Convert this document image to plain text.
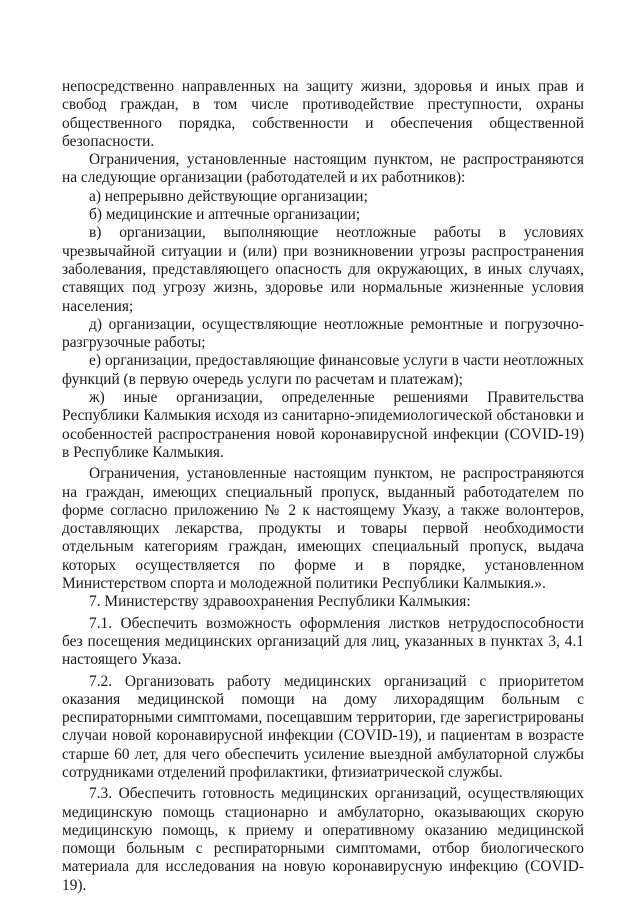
непосредственно направленных на защиту жизни, здоровья и иных прав и свобод граждан, в том числе противодействие преступности, охраны общественного порядка, собственности и обеспечения общественной безопасности.

Ограничения, установленные настоящим пунктом, не распространяются на следующие организации (работодателей и их работников):

а) непрерывно действующие организации;

б) медицинские и аптечные организации;

в) организации, выполняющие неотложные работы в условиях чрезвычайной ситуации и (или) при возникновении угрозы распространения заболевания, представляющего опасность для окружающих, в иных случаях, ставящих под угрозу жизнь, здоровье или нормальные жизненные условия населения;

д) организации, осуществляющие неотложные ремонтные и погрузочно-разгрузочные работы;

е) организации, предоставляющие финансовые услуги в части неотложных функций (в первую очередь услуги по расчетам и платежам);

ж) иные организации, определенные решениями Правительства Республики Калмыкия исходя из санитарно-эпидемиологической обстановки и особенностей распространения новой коронавирусной инфекции (COVID-19) в Республике Калмыкия.

Ограничения, установленные настоящим пунктом, не распространяются на граждан, имеющих специальный пропуск, выданный работодателем по форме согласно приложению № 2 к настоящему Указу, а также волонтеров, доставляющих лекарства, продукты и товары первой необходимости отдельным категориям граждан, имеющих специальный пропуск, выдача которых осуществляется по форме и в порядке, установленном Министерством спорта и молодежной политики Республики Калмыкия.».

7. Министерству здравоохранения Республики Калмыкия:

7.1. Обеспечить возможность оформления листков нетрудоспособности без посещения медицинских организаций для лиц, указанных в пунктах 3, 4.1 настоящего Указа.

7.2. Организовать работу медицинских организаций с приоритетом оказания медицинской помощи на дому лихорадящим больным с респираторными симптомами, посещавшим территории, где зарегистрированы случаи новой коронавирусной инфекции (COVID-19), и пациентам в возрасте старше 60 лет, для чего обеспечить усиление выездной амбулаторной службы сотрудниками отделений профилактики, фтизиатрической службы.

7.3. Обеспечить готовность медицинских организаций, осуществляющих медицинскую помощь стационарно и амбулаторно, оказывающих скорую медицинскую помощь, к приему и оперативному оказанию медицинской помощи больным с респираторными симптомами, отбор биологического материала для исследования на новую коронавирусную инфекцию (COVID-19).
